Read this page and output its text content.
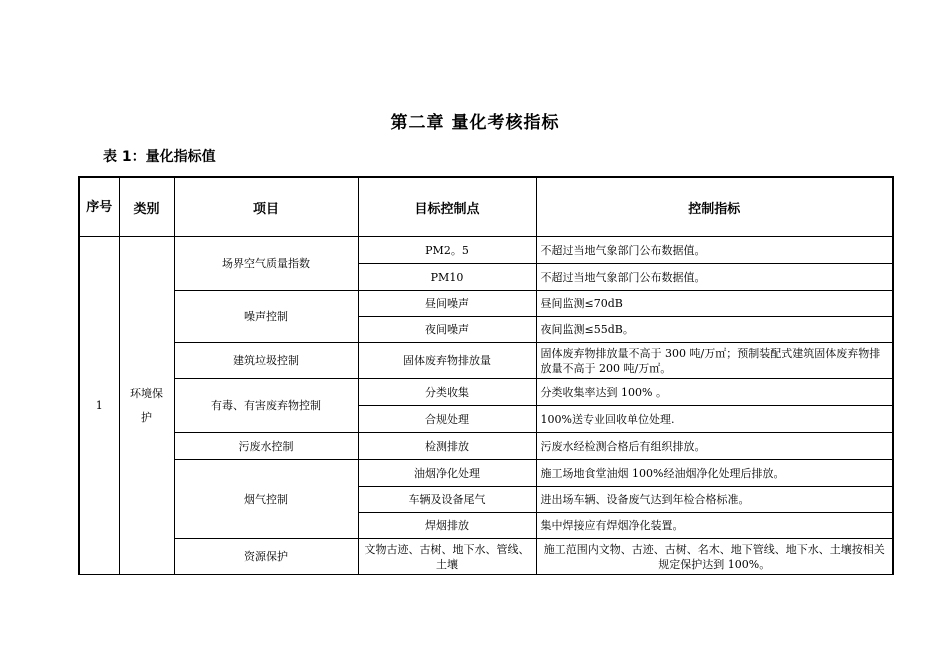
第二章 量化考核指标
表 1：量化指标值
序号	类别	项目	目标控制点	控制指标
1	环境保护	场界空气质量指数	PM2。5	不超过当地气象部门公布数据值。
			PM10	不超过当地气象部门公布数据值。
		噪声控制	昼间噪声	昼间监测≤70dB
			夜间噪声	夜间监测≤55dB。
		建筑垃圾控制	固体废弃物排放量	固体废弃物排放量不高于 300 吨/万㎡；预制装配式建筑固体废弃物排放量不高于 200 吨/万㎡。
		有毒、有害废弃物控制	分类收集	分类收集率达到 100% 。
			合规处理	100%送专业回收单位处理.
		污废水控制	检测排放	污废水经检测合格后有组织排放。
		烟气控制	油烟净化处理	施工场地食堂油烟 100%经油烟净化处理后排放。
			车辆及设备尾气	进出场车辆、设备废气达到年检合格标准。
			焊烟排放	集中焊接应有焊烟净化装置。
		资源保护	文物古迹、古树、地下水、管线、土壤	施工范围内文物、古迹、古树、名木、地下管线、地下水、土壤按相关规定保护达到 100%。
